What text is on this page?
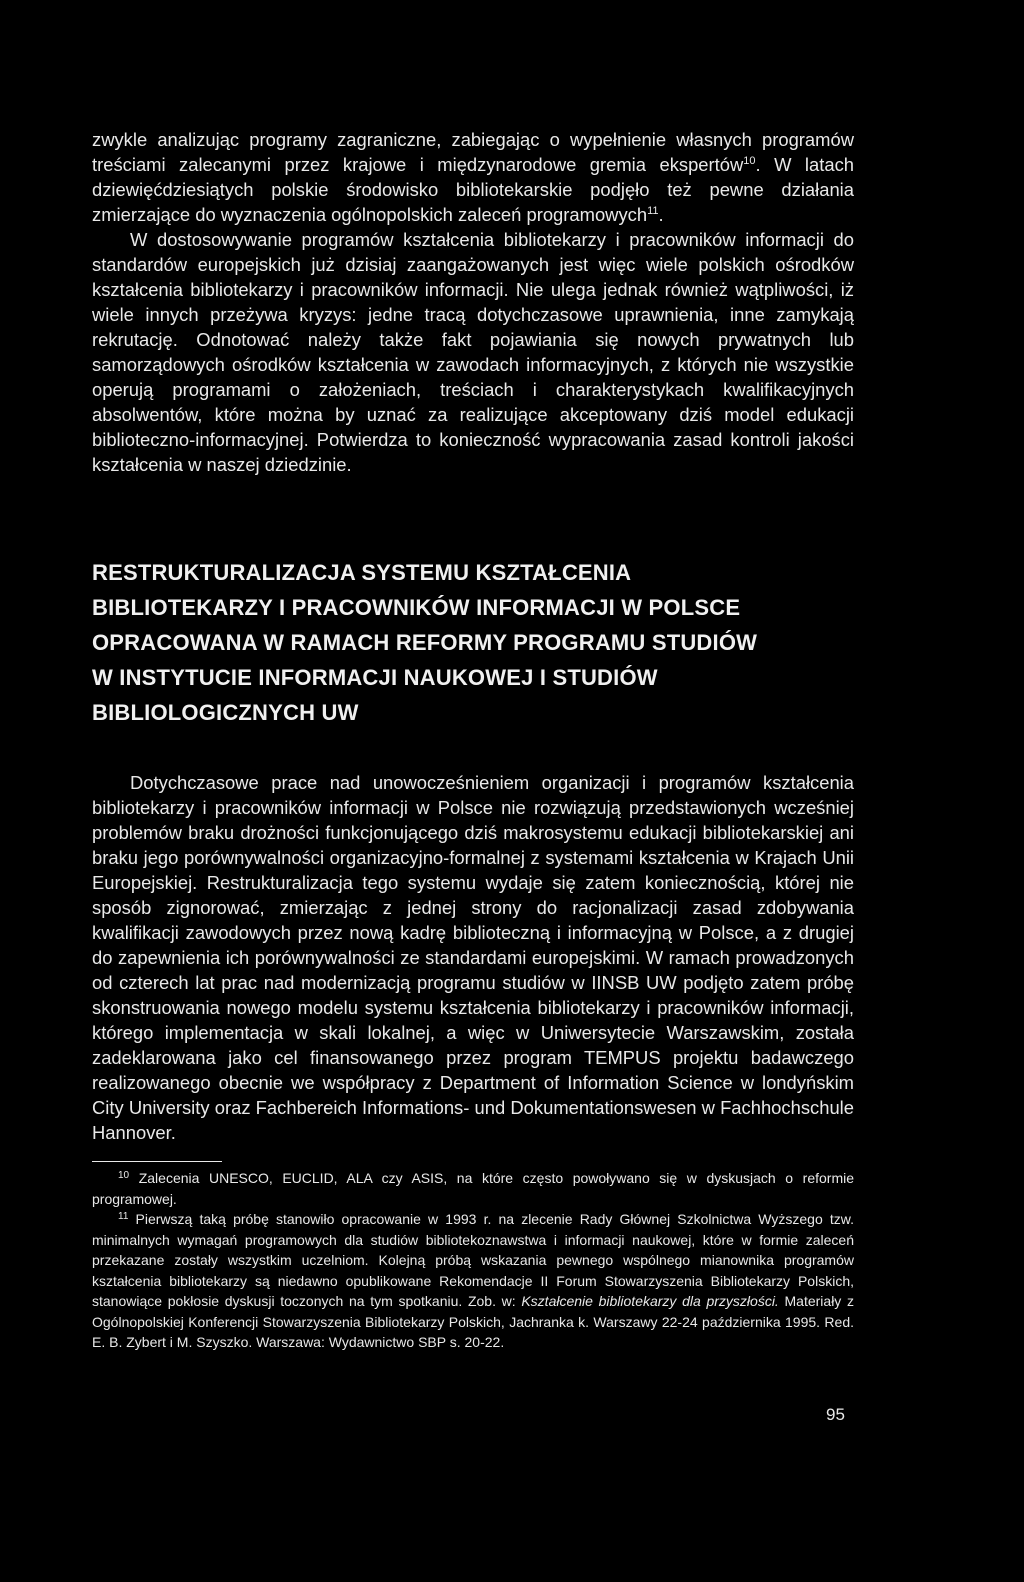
zwykle analizując programy zagraniczne, zabiegając o wypełnienie własnych programów treściami zalecanymi przez krajowe i międzynarodowe gremia ekspertów$^{10}$. W latach dziewięćdziesiątych polskie środowisko bibliotekarskie podjęło też pewne działania zmierzające do wyznaczenia ogólnopolskich zaleceń programowych$^{11}$.

W dostosowywanie programów kształcenia bibliotekarzy i pracowników informacji do standardów europejskich już dzisiaj zaangażowanych jest więc wiele polskich ośrodków kształcenia bibliotekarzy i pracowników informacji. Nie ulega jednak również wątpliwości, iż wiele innych przeżywa kryzys: jedne tracą dotychczasowe uprawnienia, inne zamykają rekrutację. Odnotować należy także fakt pojawiania się nowych prywatnych lub samorządowych ośrodków kształcenia w zawodach informacyjnych, z których nie wszystkie operują programami o założeniach, treściach i charakterystykach kwalifikacyjnych absolwentów, które można by uznać za realizujące akceptowany dziś model edukacji biblioteczno-informacyjnej. Potwierdza to konieczność wypracowania zasad kontroli jakości kształcenia w naszej dziedzinie.

RESTRUKTURALIZACJA SYSTEMU KSZTAŁCENIA
BIBLIOTEKARZY I PRACOWNIKÓW INFORMACJI W POLSCE
OPRACOWANA W RAMACH REFORMY PROGRAMU STUDIÓW
W INSTYTUCIE INFORMACJI NAUKOWEJ I STUDIÓW
BIBLIOLOGICZNYCH UW

Dotychczasowe prace nad unowocześnieniem organizacji i programów kształcenia bibliotekarzy i pracowników informacji w Polsce nie rozwiązują przedstawionych wcześniej problemów braku drożności funkcjonującego dziś makrosystemu edukacji bibliotekarskiej ani braku jego porównywalności organizacyjno-formalnej z systemami kształcenia w Krajach Unii Europejskiej. Restrukturalizacja tego systemu wydaje się zatem koniecznością, której nie sposób zignorować, zmierzając z jednej strony do racjonalizacji zasad zdobywania kwalifikacji zawodowych przez nową kadrę biblioteczną i informacyjną w Polsce, a z drugiej do zapewnienia ich porównywalności ze standardami europejskimi. W ramach prowadzonych od czterech lat prac nad modernizacją programu studiów w IINSB UW podjęto zatem próbę skonstruowania nowego modelu systemu kształcenia bibliotekarzy i pracowników informacji, którego implementacja w skali lokalnej, a więc w Uniwersytecie Warszawskim, została zadeklarowana jako cel finansowanego przez program TEMPUS projektu badawczego realizowanego obecnie we współpracy z Department of Information Science w londyńskim City University oraz Fachbereich Informations- und Dokumentationswesen w Fachhochschule Hannover.

$^{10}$ Zalecenia UNESCO, EUCLID, ALA czy ASIS, na które często powoływano się w dyskusjach o reformie programowej.

$^{11}$ Pierwszą taką próbę stanowiło opracowanie w 1993 r. na zlecenie Rady Głównej Szkolnictwa Wyższego tzw. minimalnych wymagań programowych dla studiów bibliotekoznawstwa i informacji naukowej, które w formie zaleceń przekazane zostały wszystkim uczelniom. Kolejną próbą wskazania pewnego wspólnego mianownika programów kształcenia bibliotekarzy są niedawno opublikowane Rekomendacje II Forum Stowarzyszenia Bibliotekarzy Polskich, stanowiące pokłosie dyskusji toczonych na tym spotkaniu. Zob. w: Kształcenie bibliotekarzy dla przyszłości. Materiały z Ogólnopolskiej Konferencji Stowarzyszenia Bibliotekarzy Polskich, Jachranka k. Warszawy 22-24 października 1995. Red. E. B. Zybert i M. Szyszko. Warszawa: Wydawnictwo SBP s. 20-22.

95
